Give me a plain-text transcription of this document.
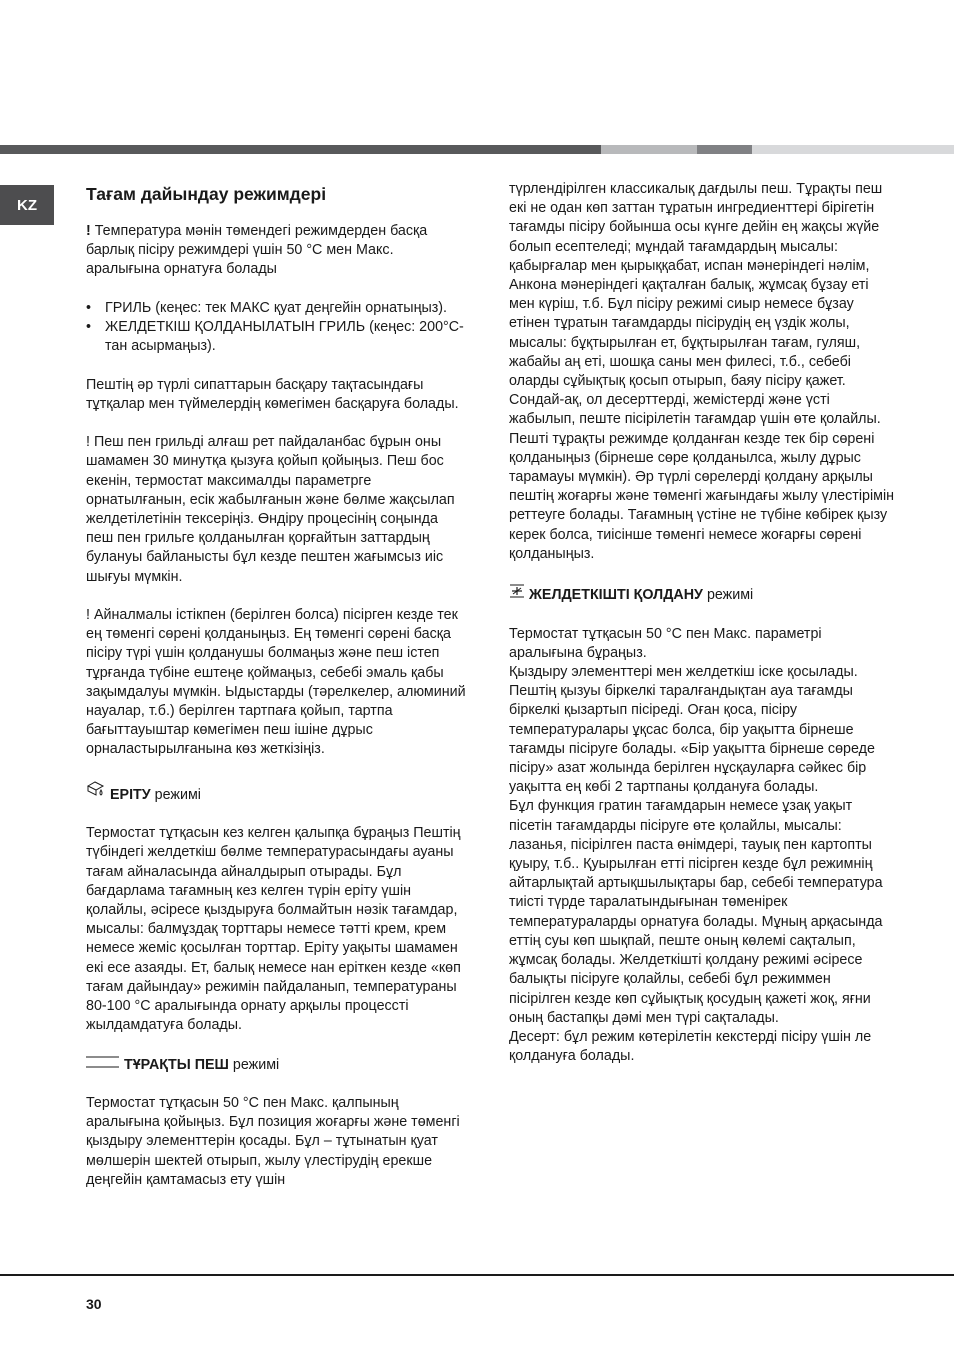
KZ
Тағам дайындау режимдері

! Температура мәнін төмендегі режимдерден басқа барлық пісіру режимдері үшін 50 °С мен Макс. аралығына орнатуға болады

• ГРИЛЬ (кеңес: тек МАКС қуат деңгейін орнатыңыз).
• ЖЕЛДЕТКІШ ҚОЛДАНЫЛАТЫН ГРИЛЬ (кеңес: 200°С-тан асырмаңыз).

Пештің әр түрлі сипаттарын басқару тақтасындағы тұтқалар мен түймелердің көмегімен басқаруға болады.

! Пеш пен грильді алғаш рет пайдаланбас бұрын оны шамамен 30 минутқа қызуға қойып қойыңыз. Пеш бос екенін, термостат максималды параметрге орнатылғанын, есік жабылғанын және бөлме жақсылап желдетілетінін тексеріңіз. Өндіру процесінің соңында пеш пен грильге қолданылған қорғайтын заттардың булануы байланысты бұл кезде пештен жағымсыз иіс шығуы мүмкін.

! Айналмалы істікпен (берілген болса) пісірген кезде тек ең төменгі сөрені қолданыңыз. Ең төменгі сөрені басқа пісіру түрі үшін қолданушы болмаңыз және пеш істеп тұрғанда түбіне ештеңе қоймаңыз, себебі эмаль қабы зақымдалуы мүмкін. Ыдыстарды (тәрелкелер, алюминий науалар, т.б.) берілген тартпаға қойып, тартпа бағыттауыштар көмегімен пеш ішіне дұрыс орналастырылғанына көз жеткізіңіз.

ЕРІТУ режимі

Термостат тұтқасын кез келген қалыпқа бұраңыз Пештің түбіндегі желдеткіш бөлме температурасындағы ауаны тағам айналасында айналдырып отырады. Бұл бағдарлама тағамның кез келген түрін еріту үшін қолайлы, әсіресе қыздыруға болмайтын нәзік тағамдар, мысалы: балмұздақ торттары немесе тәтті крем, крем немесе жеміс қосылған торттар. Еріту уақыты шамамен екі есе азаяды. Ет, балық немесе нан еріткен кезде «көп тағам дайындау» режимін пайдаланып, температураны 80-100 °С аралығында орнату арқылы процессті жылдамдатуға болады.

ТҰРАҚТЫ ПЕШ режимі

Термостат тұтқасын 50 °С пен Макс. қалпының аралығына қойыңыз. Бұл позиция жоғарғы және төменгі қыздыру элементтерін қосады. Бұл – тұтынатын қуат мөлшерін шектей отырып, жылу үлестірудің ерекше деңгейін қамтамасыз ету үшін

түрлендірілген классикалық дағдылы пеш. Тұрақты пеш екі не одан көп заттан тұратын ингредиенттері бірігетін тағамды пісіру бойынша осы күнге дейін ең жақсы жүйе болып есептеледі; мұндай тағамдардың мысалы: қабырғалар мен қырыққабат, испан мәнеріндегі нәлім, Анкона мәнеріндегі қақталған балық, жұмсақ бұзау еті мен күріш, т.б. Бұл пісіру режимі сиыр немесе бұзау етінен тұратын тағамдарды пісірудің ең үздік жолы, мысалы: бұқтырылған ет, бұқтырылған тағам, гуляш, жабайы аң еті, шошқа саны мен филесі, т.б., себебі оларды сұйықтық қосып отырып, баяу пісіру қажет. Сондай-ақ, ол десерттерді, жемістерді және үсті жабылып, пеште пісірілетін тағамдар үшін өте қолайлы. Пешті тұрақты режимде қолданған кезде тек бір сөрені қолданыңыз (бірнеше сөре қолданылса, жылу дұрыс тарамауы мүмкін). Әр түрлі сөрелерді қолдану арқылы пештің жоғарғы және төменгі жағындағы жылу үлестірімін реттеуге болады. Тағамның үстіне не түбіне көбірек қызу керек болса, тиісінше төменгі немесе жоғарғы сөрені қолданыңыз.

ЖЕЛДЕТКІШТІ ҚОЛДАНУ режимі

Термостат тұтқасын 50 °С пен Макс. параметрі аралығына бұраңыз.

Қыздыру элементтері мен желдеткіш іске қосылады. Пештің қызуы біркелкі таралғандықтан ауа тағамды біркелкі қызартып пісіреді. Оған қоса, пісіру температуралары ұқсас болса, бір уақытта бірнеше тағамды пісіруге болады. «Бір уақытта бірнеше сөреде пісіру» азат жолында берілген нұсқауларға сәйкес бір уақытта ең көбі 2 тартпаны қолдануға болады.

Бұл функция гратин тағамдарын немесе ұзақ уақыт пісетін тағамдарды пісіруге өте қолайлы, мысалы: лазанья, пісірілген паста өнімдері, тауық пен картопты қуыру, т.б.. Қуырылған етті пісірген кезде бұл режимнің айтарлықтай артықшылықтары бар, себебі температура тиісті түрде таралатындығынан төменірек температураларды орнатуға болады. Мұның арқасында еттің суы көп шықпай, пеште оның көлемі сақталып, жұмсақ болады. Желдеткішті қолдану режимі әсіресе балықты пісіруге қолайлы, себебі бұл режиммен пісірілген кезде көп сұйықтық қосудың қажеті жоқ, яғни оның бастапқы дәмі мен түрі сақталады.

Десерт: бұл режим көтерілетін кекстерді пісіру үшін ле қолдануға болады.

30
